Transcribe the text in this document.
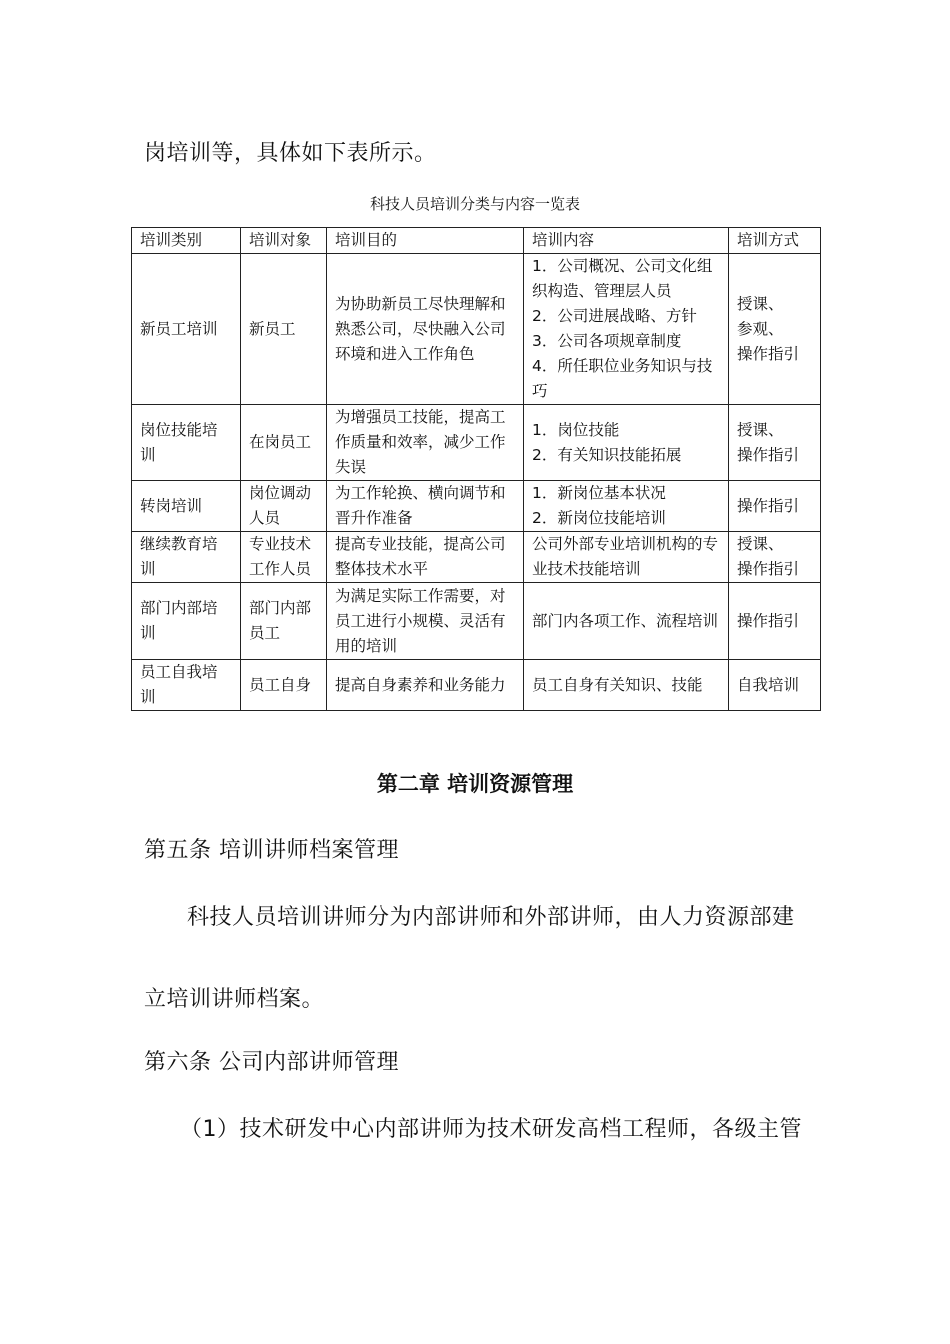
岗培训等，具体如下表所示。

科技人员培训分类与内容一览表

培训类别	培训对象	培训目的	培训内容	培训方式
新员工培训	新员工	为协助新员工尽快理解和熟悉公司，尽快融入公司环境和进入工作角色	1．公司概况、公司文化组织构造、管理层人员
2．公司进展战略、方针
3．公司各项规章制度
4．所任职位业务知识与技巧	授课、
参观、
操作指引
岗位技能培训	在岗员工	为增强员工技能，提高工作质量和效率，减少工作失误	1．岗位技能
2．有关知识技能拓展	授课、
操作指引
转岗培训	岗位调动人员	为工作轮换、横向调节和晋升作准备	1．新岗位基本状况
2．新岗位技能培训	操作指引
继续教育培训	专业技术工作人员	提高专业技能，提高公司整体技术水平	公司外部专业培训机构的专业技术技能培训	授课、
操作指引
部门内部培训	部门内部员工	为满足实际工作需要，对员工进行小规模、灵活有用的培训	部门内各项工作、流程培训	操作指引
员工自我培训	员工自身	提高自身素养和业务能力	员工自身有关知识、技能	自我培训

第二章 培训资源管理

第五条 培训讲师档案管理

科技人员培训讲师分为内部讲师和外部讲师，由人力资源部建

立培训讲师档案。

第六条 公司内部讲师管理

（1）技术研发中心内部讲师为技术研发高档工程师，各级主管
